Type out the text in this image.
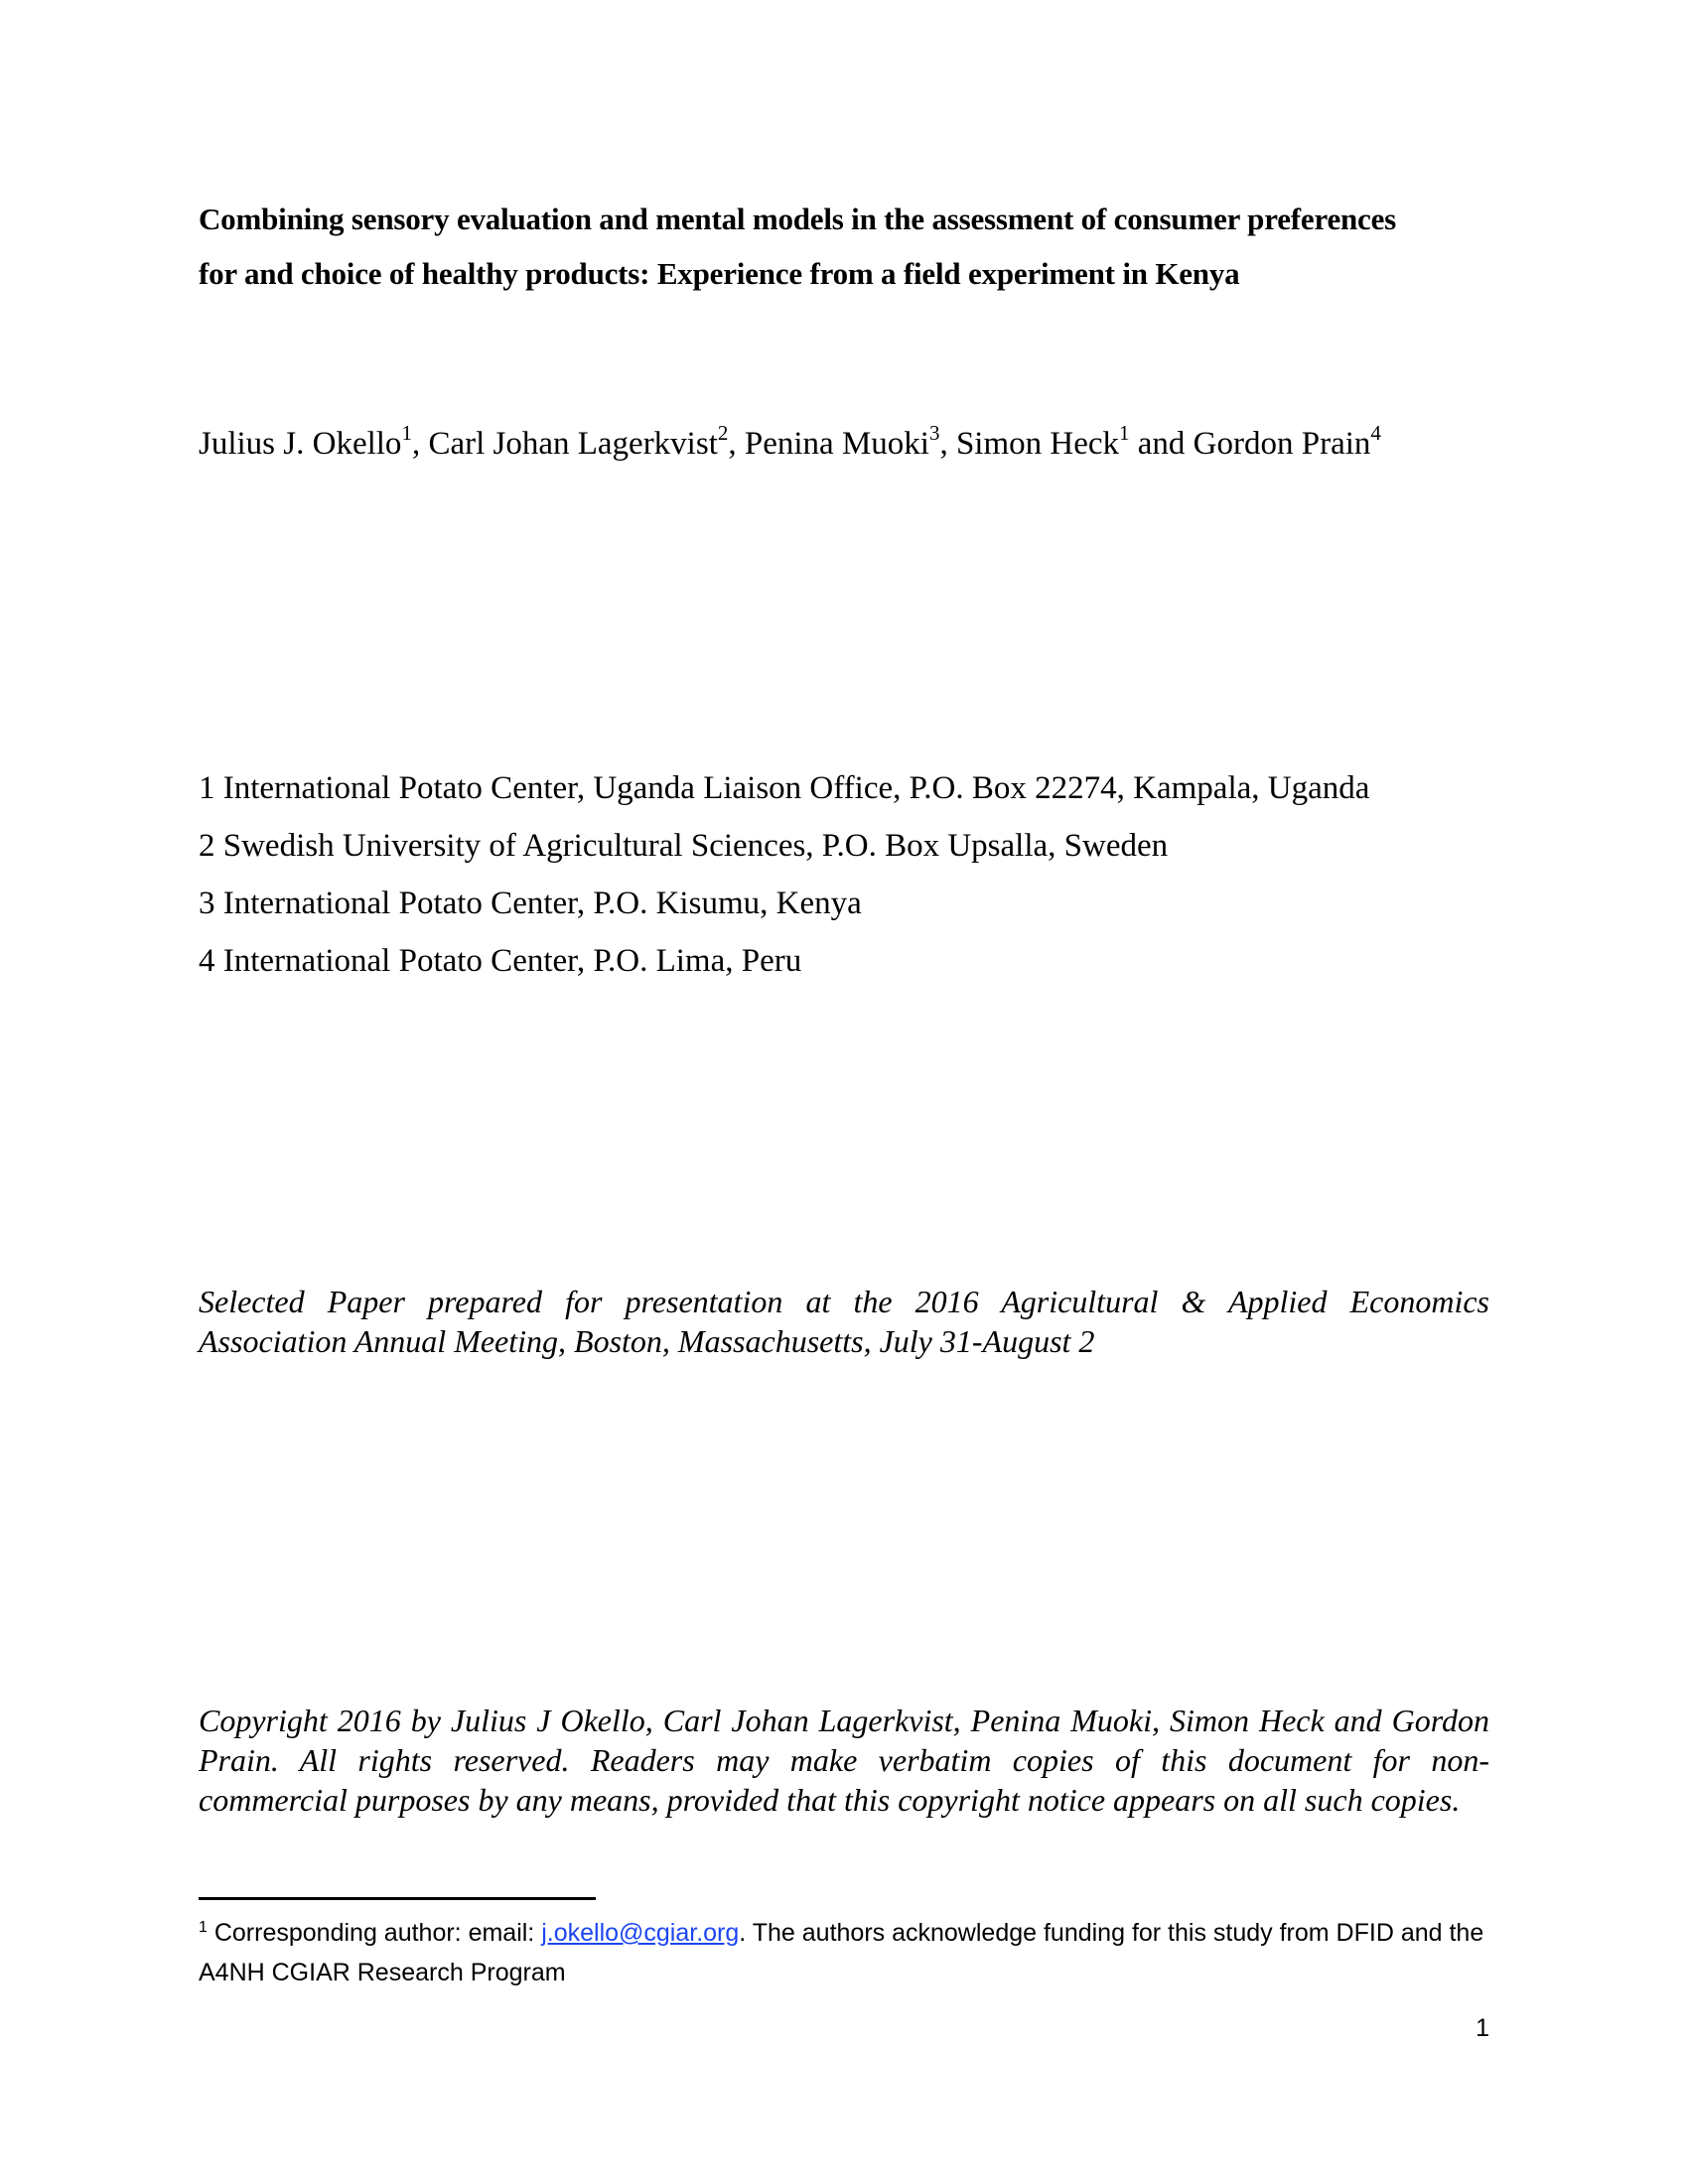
Combining sensory evaluation and mental models in the assessment of consumer preferences
for and choice of healthy products: Experience from a field experiment in Kenya

Julius J. Okello$^1$, Carl Johan Lagerkvist$^2$, Penina Muoki$^3$, Simon Heck$^1$ and Gordon Prain$^4$

1 International Potato Center, Uganda Liaison Office, P.O. Box 22274, Kampala, Uganda

2 Swedish University of Agricultural Sciences, P.O. Box Upsalla, Sweden

3 International Potato Center, P.O. Kisumu, Kenya

4 International Potato Center, P.O. Lima, Peru

Selected Paper prepared for presentation at the 2016 Agricultural & Applied Economics
Association Annual Meeting, Boston, Massachusetts, July 31-August 2
Copyright 2016 by Julius J Okello, Carl Johan Lagerkvist, Penina Muoki, Simon Heck and Gordon
Prain. All rights reserved. Readers may make verbatim copies of this document for non-
commercial purposes by any means, provided that this copyright notice appears on all such copies.

$^1$ Corresponding author: email: j.okello@cgiar.org. The authors acknowledge funding for this study from DFID and the A4NH CGIAR Research Program

1
